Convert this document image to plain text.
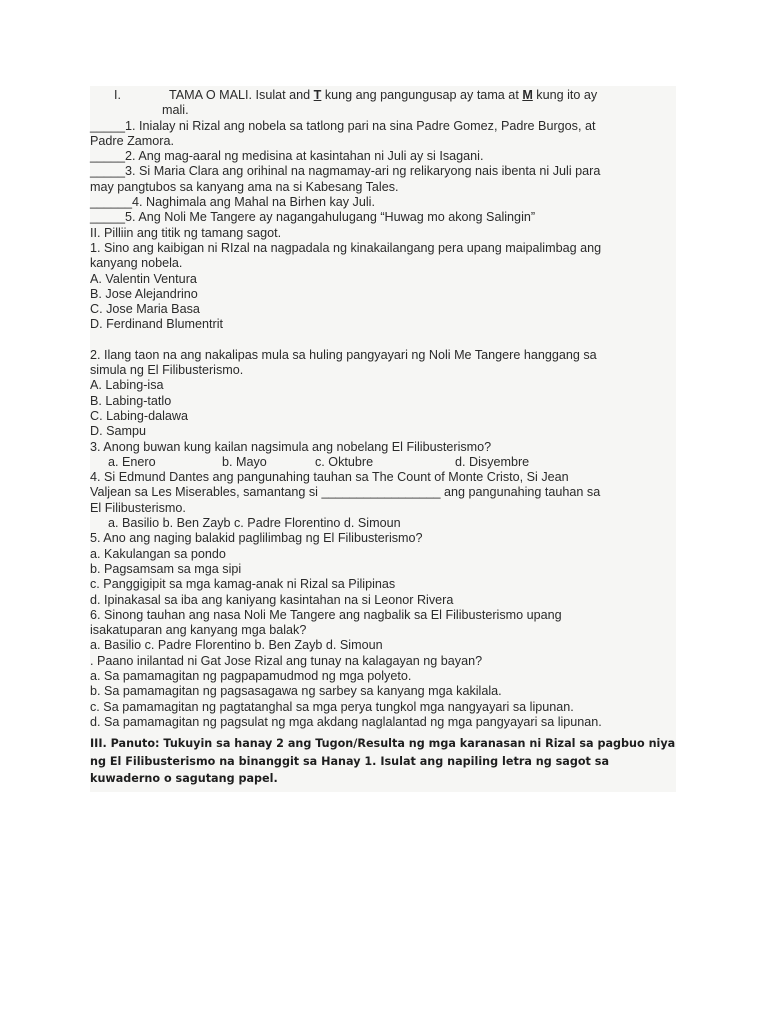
I.	TAMA O MALI. Isulat and T kung ang pangungusap ay tama at M kung ito ay
mali.
_____1. Inialay ni Rizal ang nobela sa tatlong pari na sina Padre Gomez, Padre Burgos, at
Padre Zamora.
_____2. Ang mag-aaral ng medisina at kasintahan ni Juli ay si Isagani.
_____3. Si Maria Clara ang orihinal na nagmamay-ari ng relikaryong nais ibenta ni Juli para
may pangtubos sa kanyang ama na si Kabesang Tales.
______4. Naghimala ang Mahal na Birhen kay Juli.
_____5. Ang Noli Me Tangere ay nagangahulugang “Huwag mo akong Salingin”
II. Pilliin ang titik ng tamang sagot.
1. Sino ang kaibigan ni RIzal na nagpadala ng kinakailangang pera upang maipalimbag ang
kanyang nobela.
A. Valentin Ventura
B. Jose Alejandrino
C. Jose Maria Basa
D. Ferdinand Blumentrit
2. Ilang taon na ang nakalipas mula sa huling pangyayari ng Noli Me Tangere hanggang sa
simula ng El Filibusterismo.
A. Labing-isa
B. Labing-tatlo
C. Labing-dalawa
D. Sampu
3. Anong buwan kung kailan nagsimula ang nobelang El Filibusterismo?
a. Enero	b. Mayo	c. Oktubre	d. Disyembre
4. Si Edmund Dantes ang pangunahing tauhan sa The Count of Monte Cristo, Si Jean
Valjean sa Les Miserables, samantang si _________________ ang pangunahing tauhan sa
El Filibusterismo.
a. Basilio b. Ben Zayb c. Padre Florentino d. Simoun
5. Ano ang naging balakid paglilimbag ng El Filibusterismo?
a. Kakulangan sa pondo
b. Pagsamsam sa mga sipi
c. Panggigipit sa mga kamag-anak ni Rizal sa Pilipinas
d. Ipinakasal sa iba ang kaniyang kasintahan na si Leonor Rivera
6. Sinong tauhan ang nasa Noli Me Tangere ang nagbalik sa El Filibusterismo upang
isakatuparan ang kanyang mga balak?
a. Basilio c. Padre Florentino b. Ben Zayb d. Simoun
. Paano inilantad ni Gat Jose Rizal ang tunay na kalagayan ng bayan?
a. Sa pamamagitan ng pagpapamudmod ng mga polyeto.
b. Sa pamamagitan ng pagsasagawa ng sarbey sa kanyang mga kakilala.
c. Sa pamamagitan ng pagtatanghal sa mga perya tungkol mga nangyayari sa lipunan.
d. Sa pamamagitan ng pagsulat ng mga akdang naglalantad ng mga pangyayari sa lipunan.
III. Panuto: Tukuyin sa hanay 2 ang Tugon/Resulta ng mga karanasan ni Rizal sa pagbuo niya ng El Filibusterismo na binanggit sa Hanay 1. Isulat ang napiling letra ng sagot sa kuwaderno o sagutang papel.
